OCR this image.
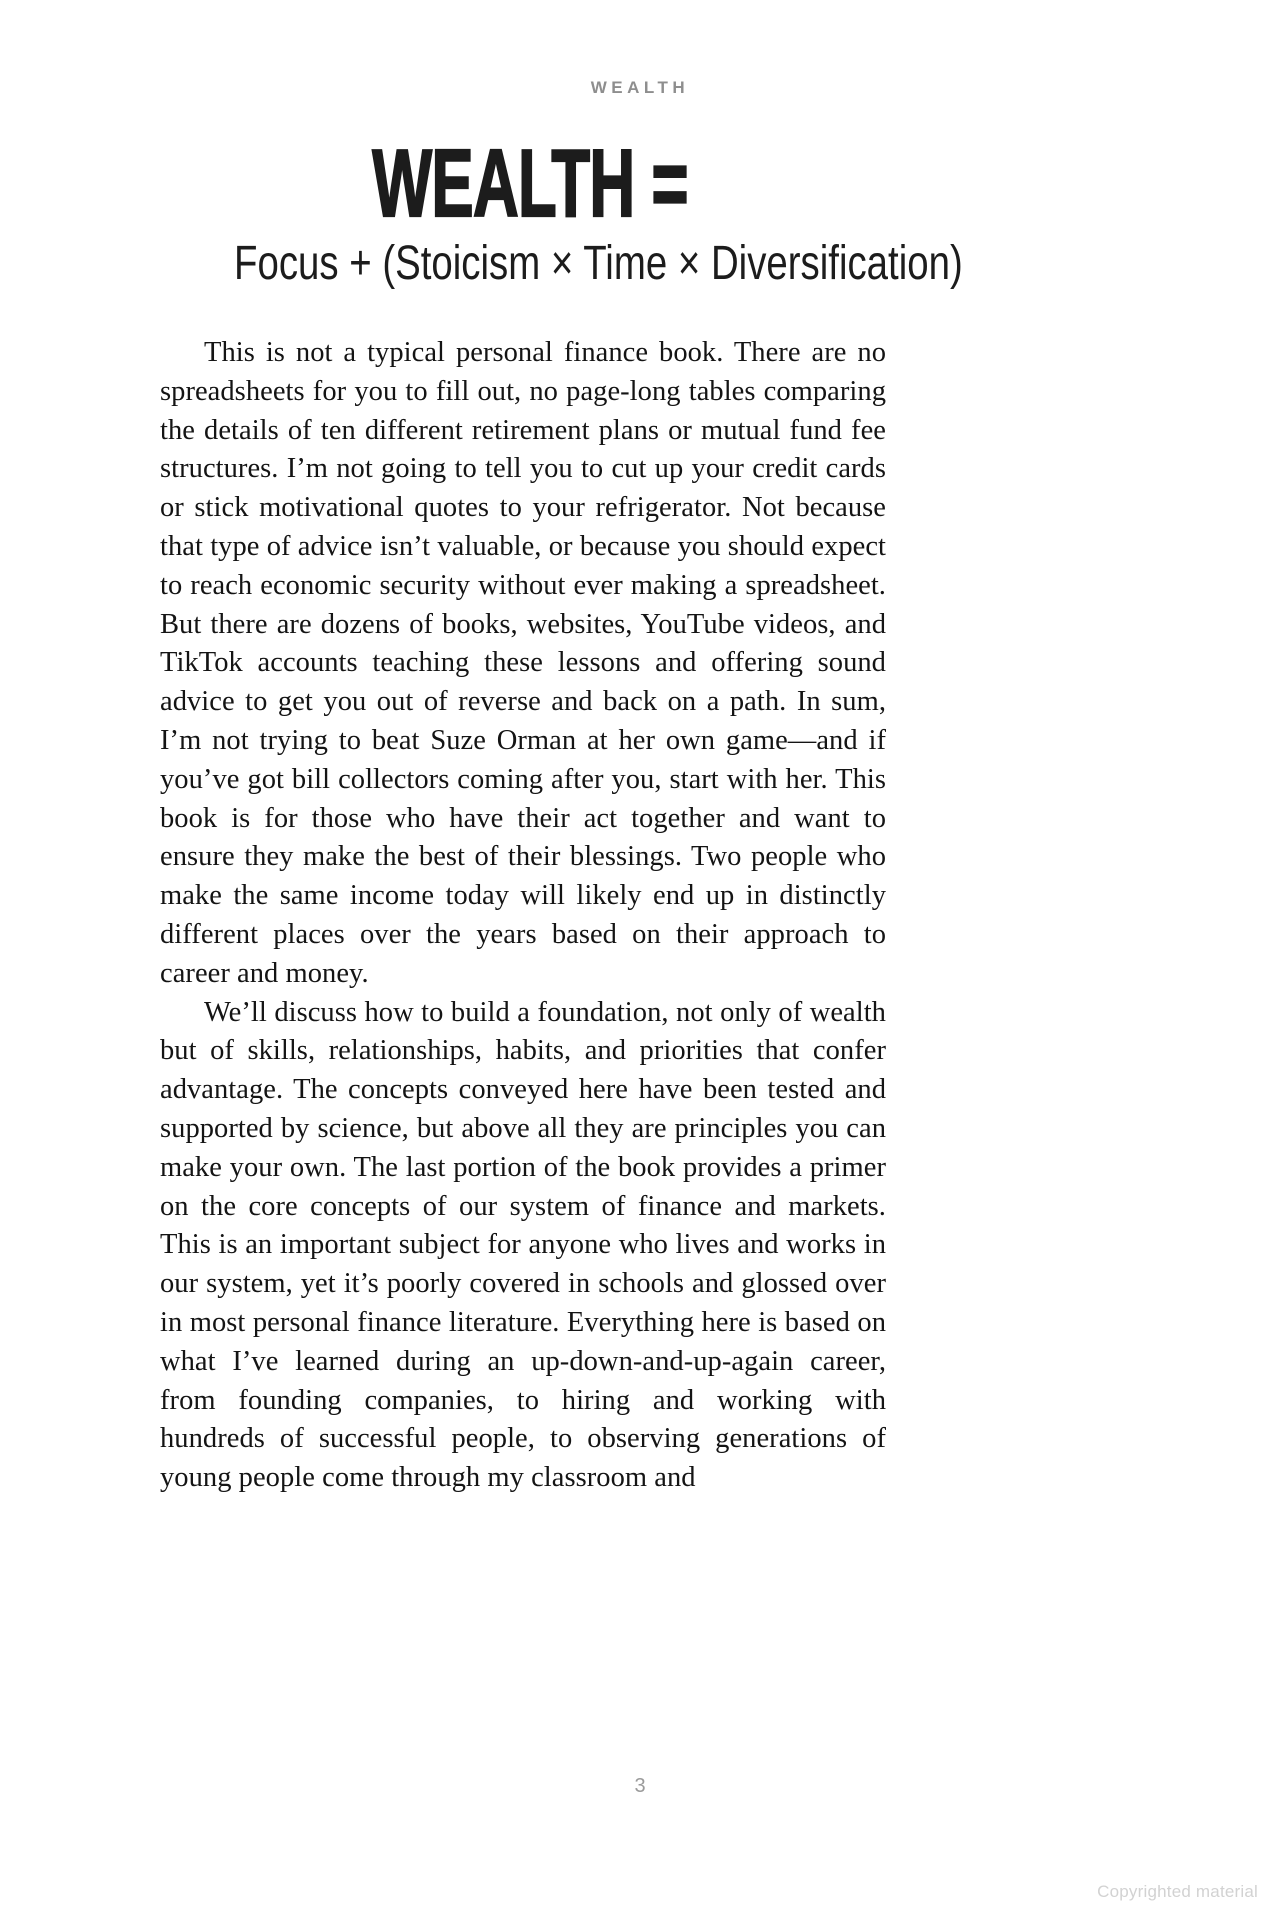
WEALTH
WEALTH =
Focus + (Stoicism × Time × Diversification)

This is not a typical personal finance book. There are no spreadsheets for you to fill out, no page-long tables comparing the details of ten different retirement plans or mutual fund fee structures. I’m not going to tell you to cut up your credit cards or stick motivational quotes to your refrigerator. Not because that type of advice isn’t valuable, or because you should expect to reach economic security without ever making a spreadsheet. But there are dozens of books, websites, YouTube videos, and TikTok accounts teaching these lessons and offering sound advice to get you out of reverse and back on a path. In sum, I’m not trying to beat Suze Orman at her own game—and if you’ve got bill collectors coming after you, start with her. This book is for those who have their act together and want to ensure they make the best of their blessings. Two people who make the same income today will likely end up in distinctly different places over the years based on their approach to career and money.

We’ll discuss how to build a foundation, not only of wealth but of skills, relationships, habits, and priorities that confer advantage. The concepts conveyed here have been tested and supported by science, but above all they are principles you can make your own. The last portion of the book provides a primer on the core concepts of our system of finance and markets. This is an important subject for anyone who lives and works in our system, yet it’s poorly covered in schools and glossed over in most personal finance literature. Everything here is based on what I’ve learned during an up-down-and-up-again career, from founding companies, to hiring and working with hundreds of successful people, to observing generations of young people come through my classroom and

3
Copyrighted material
